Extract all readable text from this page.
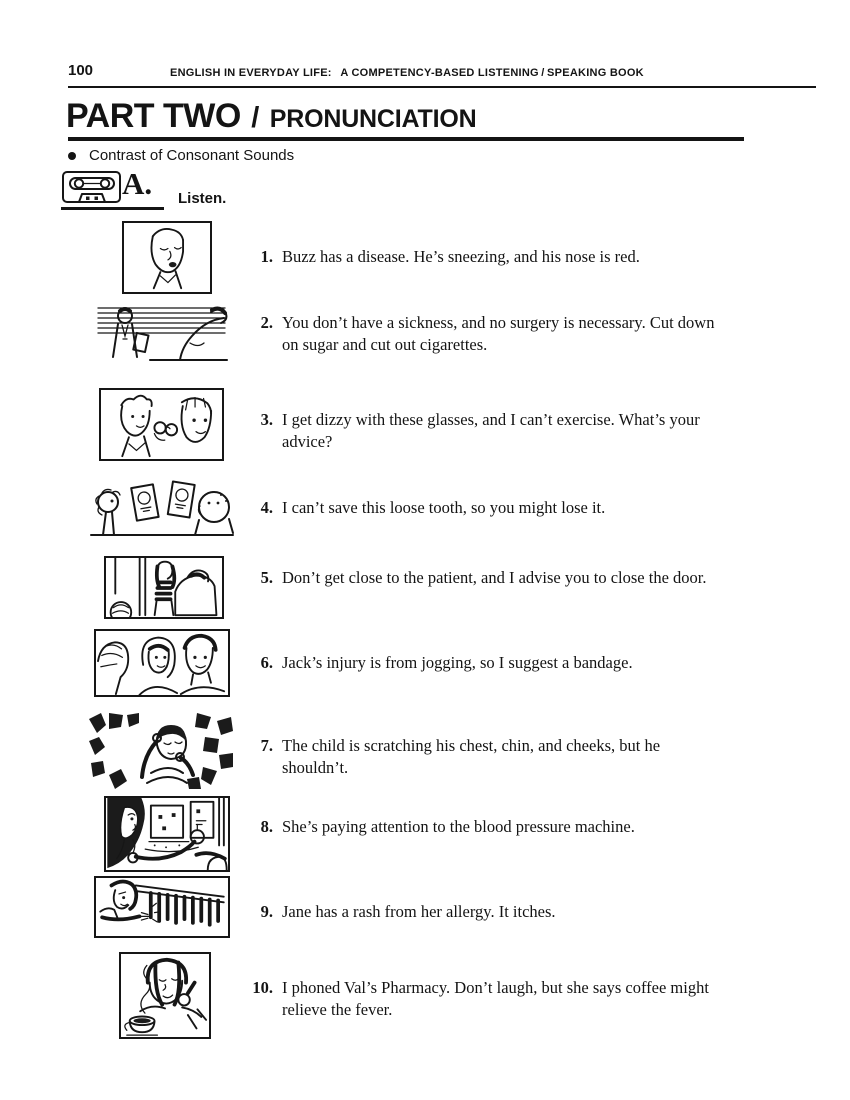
100	ENGLISH IN EVERYDAY LIFE:  A COMPETENCY-BASED LISTENING / SPEAKING BOOK
PART TWO / PRONUNCIATION
Contrast of Consonant Sounds
A. Listen.
1. Buzz has a disease. He’s sneezing, and his nose is red.
2. You don’t have a sickness, and no surgery is necessary. Cut down
on sugar and cut out cigarettes.
3. I get dizzy with these glasses, and I can’t exercise. What’s your
advice?
4. I can’t save this loose tooth, so you might lose it.
5. Don’t get close to the patient, and I advise you to close the door.
6. Jack’s injury is from jogging, so I suggest a bandage.
7. The child is scratching his chest, chin, and cheeks, but he
shouldn’t.
8. She’s paying attention to the blood pressure machine.
9. Jane has a rash from her allergy. It itches.
10. I phoned Val’s Pharmacy. Don’t laugh, but she says coffee might
relieve the fever.
